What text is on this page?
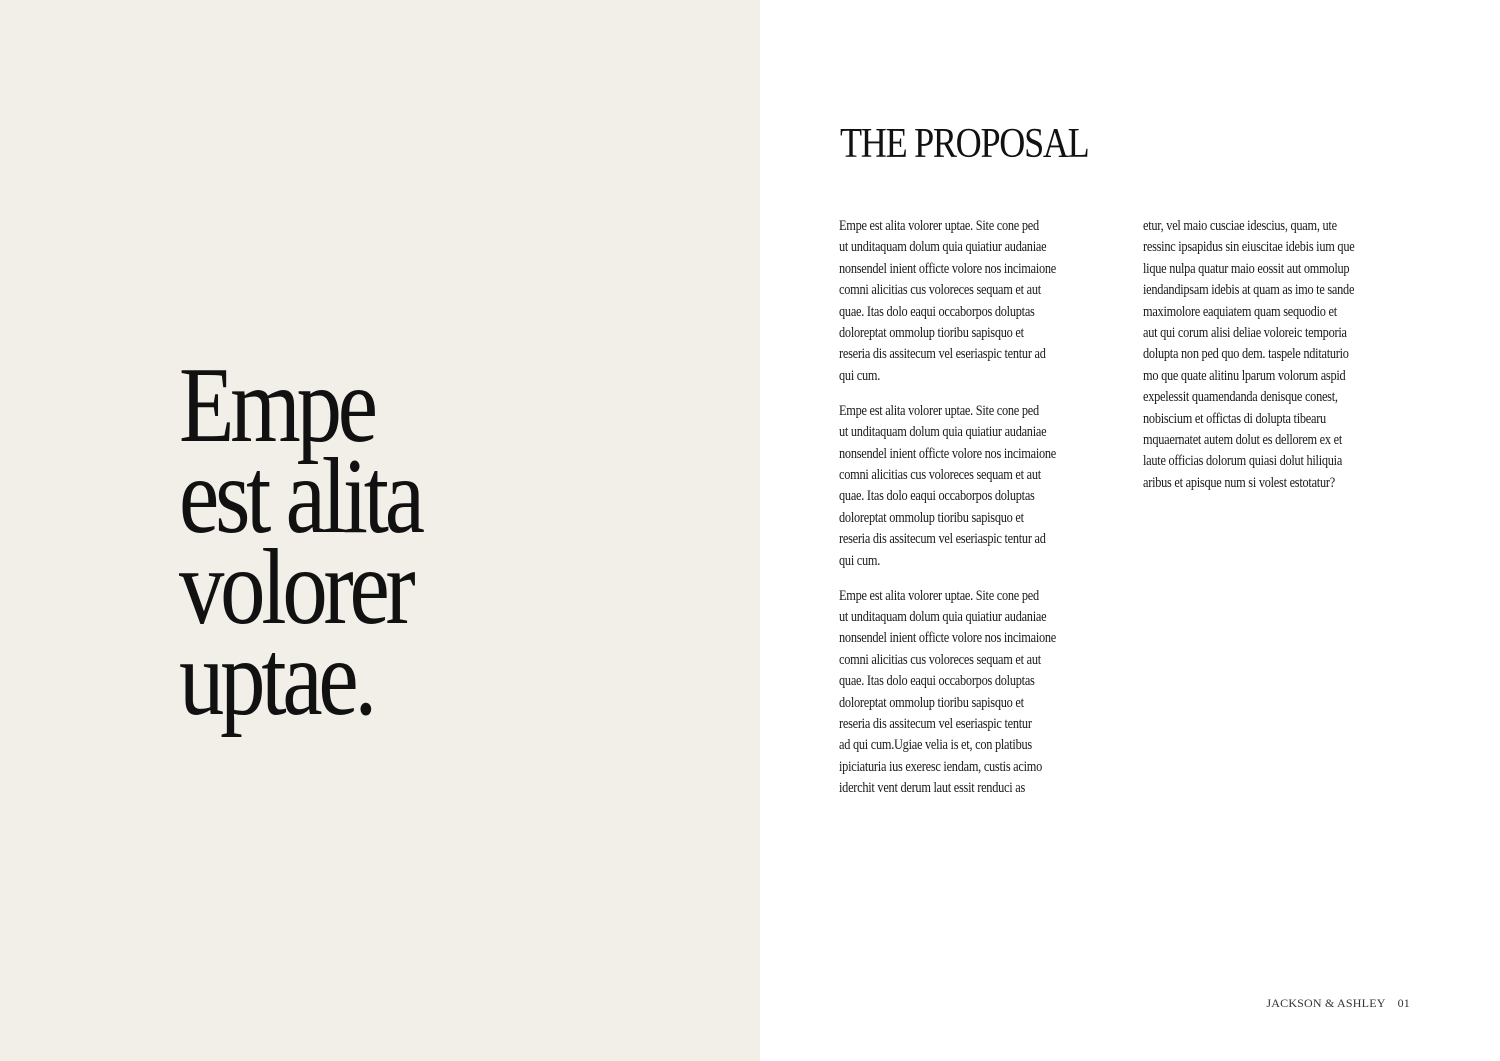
Empe
est alita
volorer
uptae.
THE PROPOSAL

Empe est alita volorer uptae. Site cone ped
ut unditaquam dolum quia quiatiur audaniae
nonsendel inient officte volore nos incimaione
comni alicitias cus voloreces sequam et aut
quae. Itas dolo eaqui occaborpos doluptas
doloreptat ommolup tioribu sapisquo et
reseria dis assitecum vel eseriaspic tentur ad
qui cum.

Empe est alita volorer uptae. Site cone ped
ut unditaquam dolum quia quiatiur audaniae
nonsendel inient officte volore nos incimaione
comni alicitias cus voloreces sequam et aut
quae. Itas dolo eaqui occaborpos doluptas
doloreptat ommolup tioribu sapisquo et
reseria dis assitecum vel eseriaspic tentur ad
qui cum.

Empe est alita volorer uptae. Site cone ped
ut unditaquam dolum quia quiatiur audaniae
nonsendel inient officte volore nos incimaione
comni alicitias cus voloreces sequam et aut
quae. Itas dolo eaqui occaborpos doluptas
doloreptat ommolup tioribu sapisquo et
reseria dis assitecum vel eseriaspic tentur
ad qui cum.Ugiae velia is et, con platibus
ipiciaturia ius exeresc iendam, custis acimo
iderchit vent derum laut essit renduci as

etur, vel maio cusciae idescius, quam, ute
ressinc ipsapidus sin eiuscitae idebis ium que
lique nulpa quatur maio eossit aut ommolup
iendandipsam idebis at quam as imo te sande
maximolore eaquiatem quam sequodio et
aut qui corum alisi deliae voloreic temporia
dolupta non ped quo dem. taspele nditaturio
mo que quate alitinu lparum volorum aspid
expelessit quamendanda denisque conest,
nobiscium et offictas di dolupta tibearu
mquaernatet autem dolut es dellorem ex et
laute officias dolorum quiasi dolut hiliquia
aribus et apisque num si volest estotatur?

JACKSON & ASHLEY 01
